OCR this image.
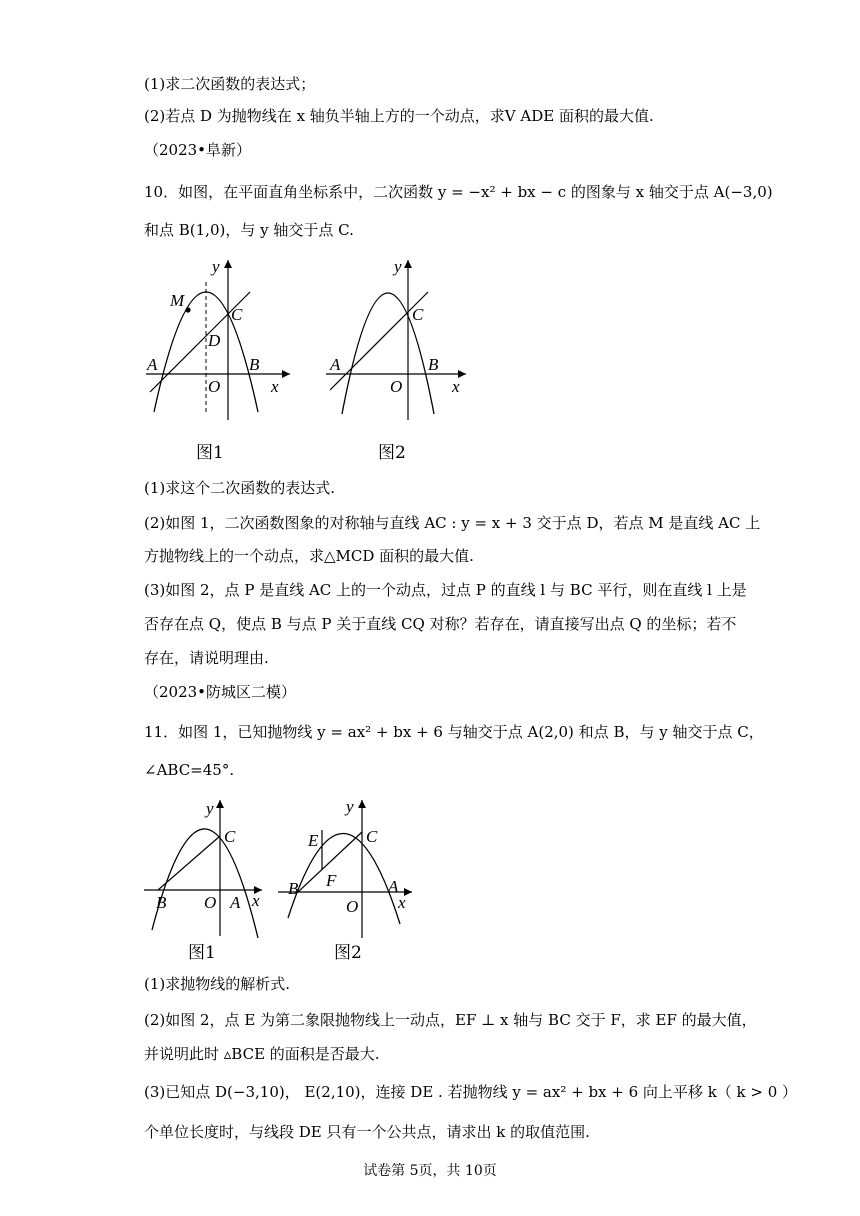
(1)求二次函数的表达式；
(2)若点 D 为抛物线在 x 轴负半轴上方的一个动点，求V ADE 面积的最大值.
（2023•阜新）
10．如图，在平面直角坐标系中，二次函数 y = −x² + bx − c 的图象与 x 轴交于点 A(−3,0)
和点 B(1,0)，与 y 轴交于点 C.
y
M
C
D
A	B
O	x
图1
y
C
A	B
O	x
图2
(1)求这个二次函数的表达式.
(2)如图 1，二次函数图象的对称轴与直线 AC : y = x + 3 交于点 D，若点 M 是直线 AC 上
方抛物线上的一个动点，求△MCD 面积的最大值.
(3)如图 2，点 P 是直线 AC 上的一个动点，过点 P 的直线 l 与 BC 平行，则在直线 l 上是
否存在点 Q，使点 B 与点 P 关于直线 CQ 对称？若存在，请直接写出点 Q 的坐标；若不
存在，请说明理由.
（2023•防城区二模）
11．如图 1，已知抛物线 y = ax² + bx + 6 与轴交于点 A(2,0) 和点 B，与 y 轴交于点 C，
∠ABC=45°.
y
C
B O A x
图1
y
C
E
F
B	A
O x
图2
(1)求抛物线的解析式.
(2)如图 2，点 E 为第二象限抛物线上一动点，EF ⊥ x 轴与 BC 交于 F，求 EF 的最大值，
并说明此时 ▵BCE 的面积是否最大.
(3)已知点 D(−3,10)， E(2,10)，连接 DE . 若抛物线 y = ax² + bx + 6 向上平移 k（ k > 0 ）
个单位长度时，与线段 DE 只有一个公共点，请求出 k 的取值范围.
试卷第 5页，共 10页
